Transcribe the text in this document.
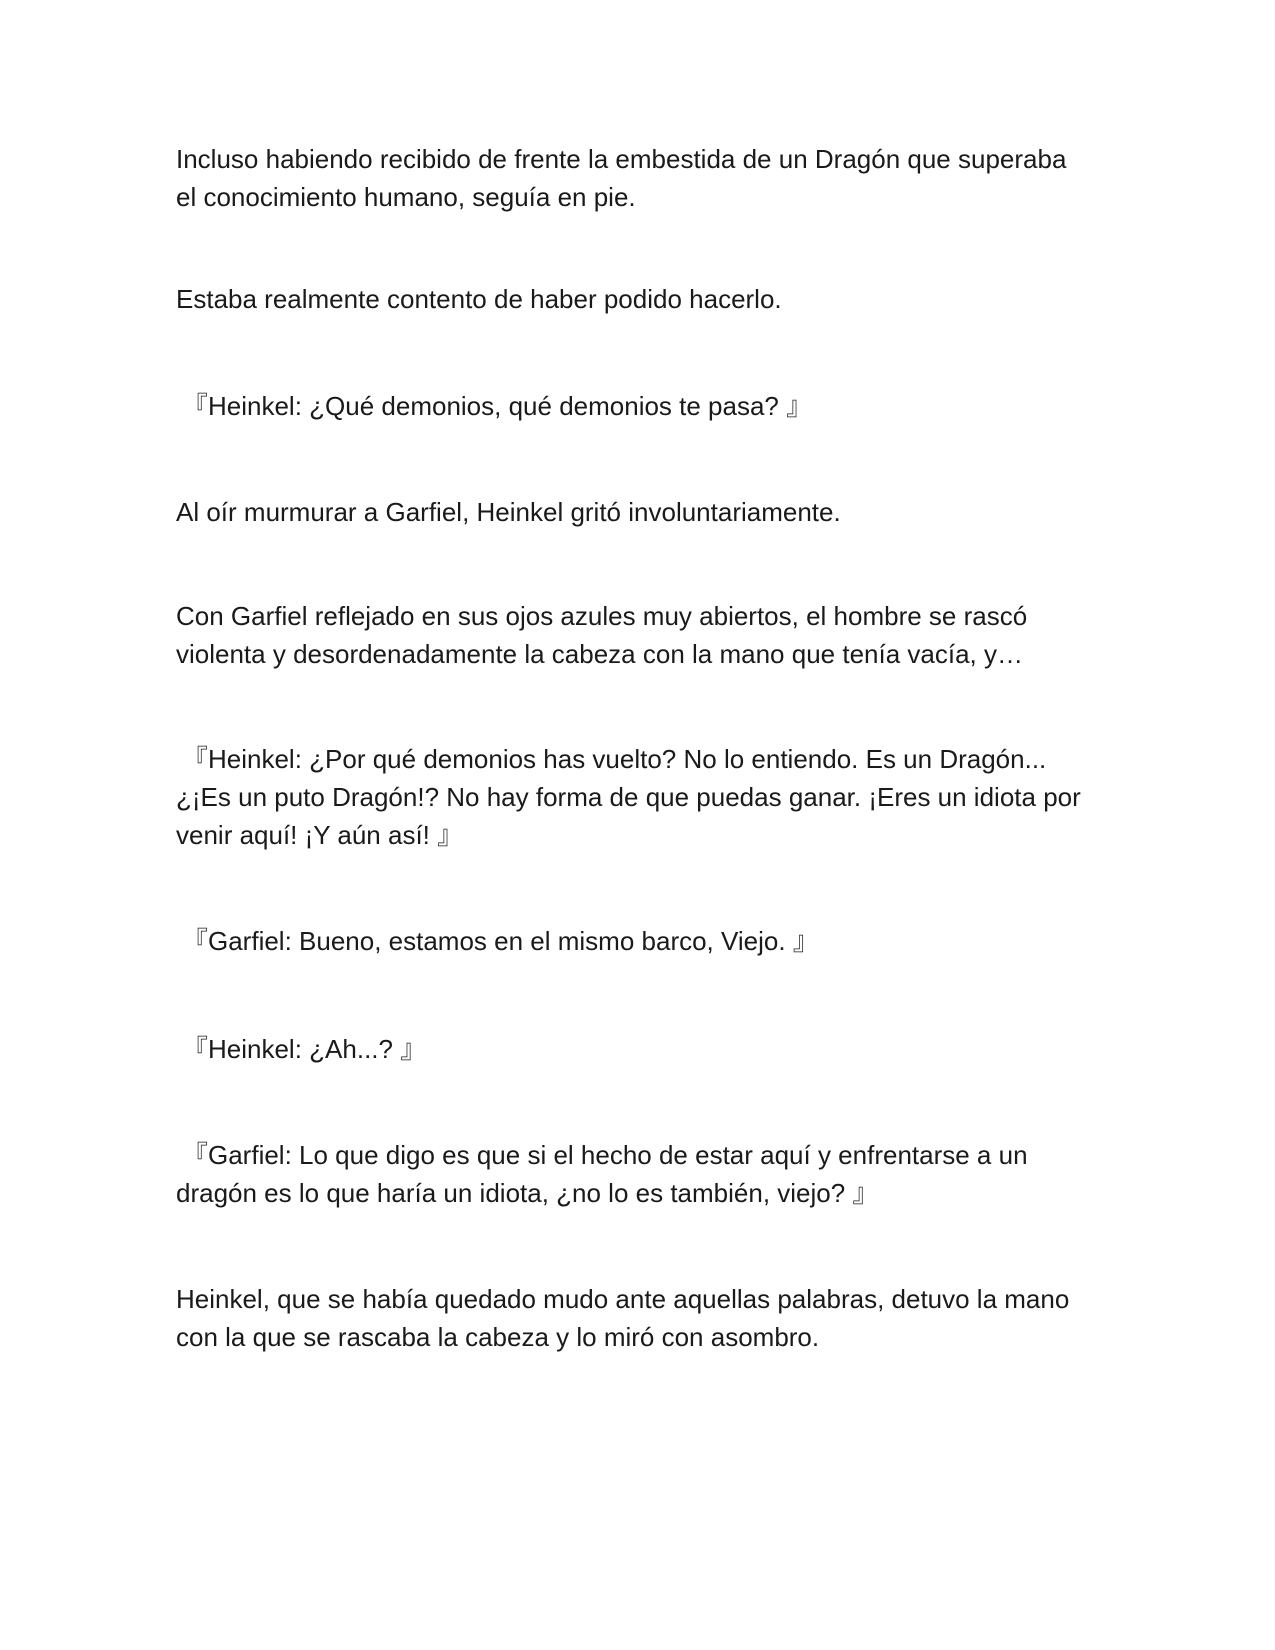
Incluso habiendo recibido de frente la embestida de un Dragón que superaba
el conocimiento humano, seguía en pie.

Estaba realmente contento de haber podido hacerlo.

『Heinkel: ¿Qué demonios, qué demonios te pasa? 』

Al oír murmurar a Garfiel, Heinkel gritó involuntariamente.

Con Garfiel reflejado en sus ojos azules muy abiertos, el hombre se rascó
violenta y desordenadamente la cabeza con la mano que tenía vacía, y…

『Heinkel: ¿Por qué demonios has vuelto? No lo entiendo. Es un Dragón...
¿¡Es un puto Dragón!? No hay forma de que puedas ganar. ¡Eres un idiota por
venir aquí! ¡Y aún así! 』

『Garfiel: Bueno, estamos en el mismo barco, Viejo. 』

『Heinkel: ¿Ah...? 』

『Garfiel: Lo que digo es que si el hecho de estar aquí y enfrentarse a un
dragón es lo que haría un idiota, ¿no lo es también, viejo? 』

Heinkel, que se había quedado mudo ante aquellas palabras, detuvo la mano
con la que se rascaba la cabeza y lo miró con asombro.
